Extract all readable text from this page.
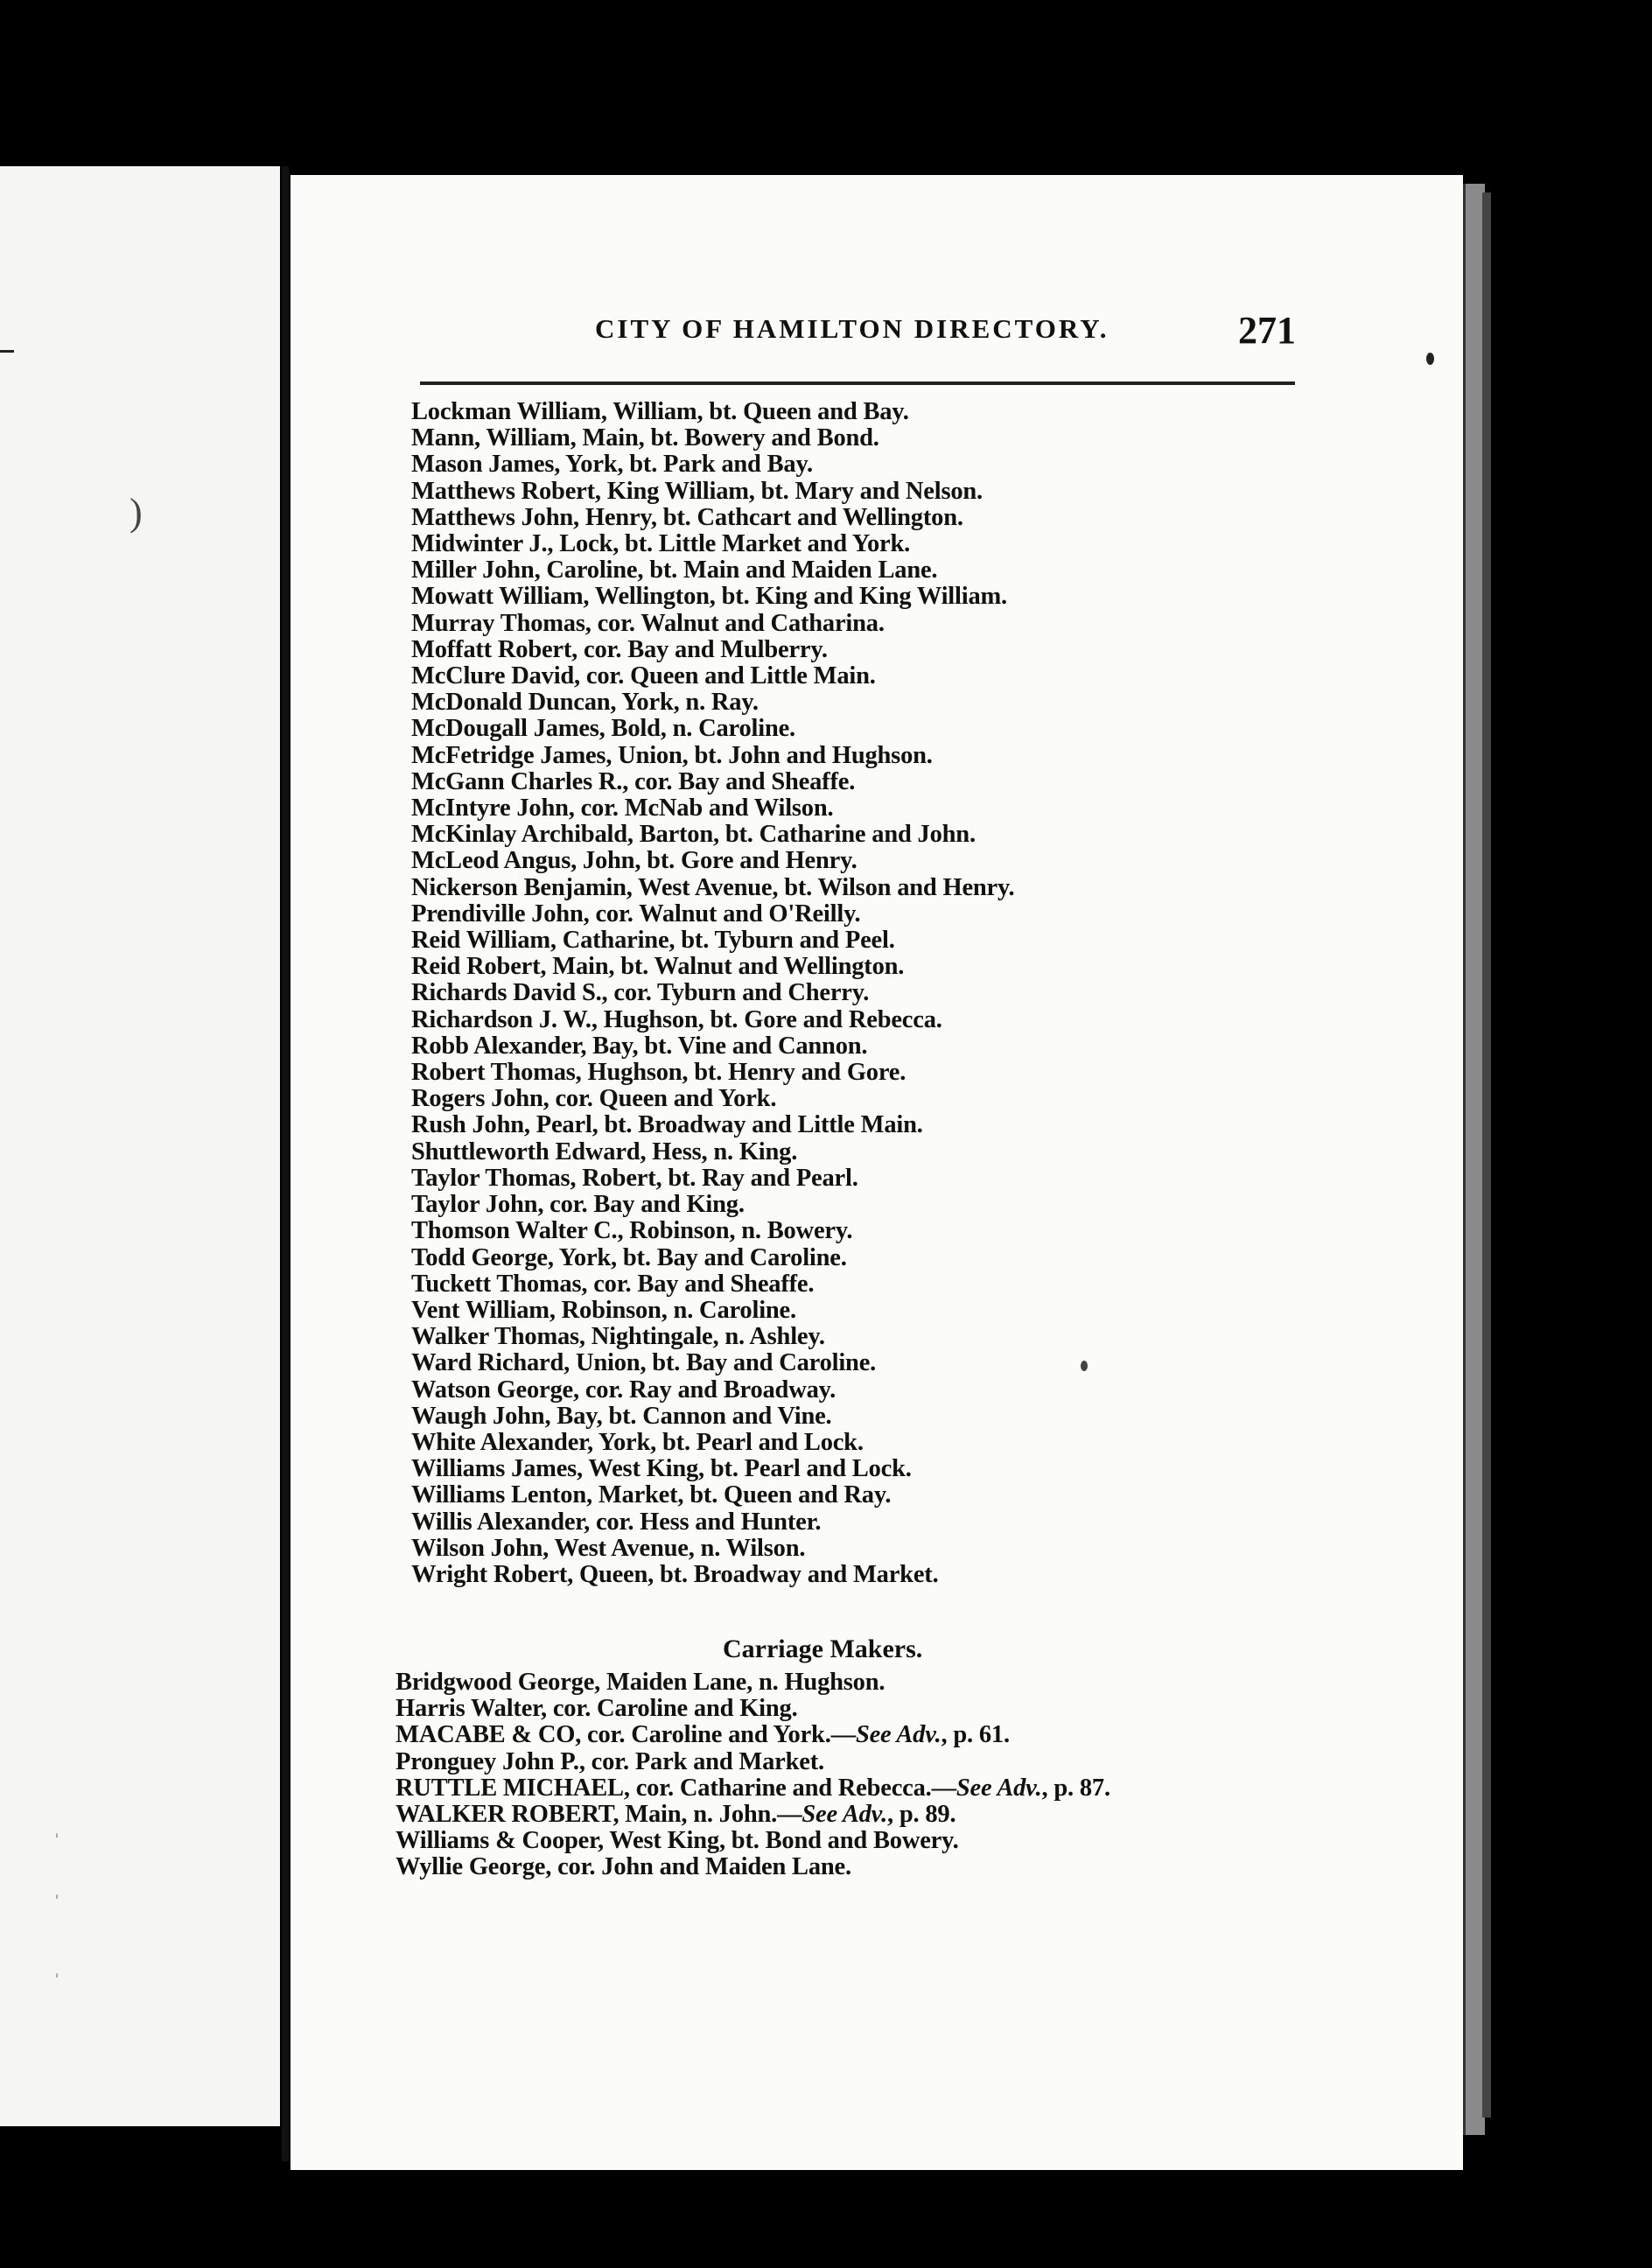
)
ˈ
ˈ
ˈ
CITY OF HAMILTON DIRECTORY.	271
Lockman William, William, bt. Queen and Bay.
Mann, William, Main, bt. Bowery and Bond.
Mason James, York, bt. Park and Bay.
Matthews Robert, King William, bt. Mary and Nelson.
Matthews John, Henry, bt. Cathcart and Wellington.
Midwinter J., Lock, bt. Little Market and York.
Miller John, Caroline, bt. Main and Maiden Lane.
Mowatt William, Wellington, bt. King and King William.
Murray Thomas, cor. Walnut and Catharina.
Moffatt Robert, cor. Bay and Mulberry.
McClure David, cor. Queen and Little Main.
McDonald Duncan, York, n. Ray.
McDougall James, Bold, n. Caroline.
McFetridge James, Union, bt. John and Hughson.
McGann Charles R., cor. Bay and Sheaffe.
McIntyre John, cor. McNab and Wilson.
McKinlay Archibald, Barton, bt. Catharine and John.
McLeod Angus, John, bt. Gore and Henry.
Nickerson Benjamin, West Avenue, bt. Wilson and Henry.
Prendiville John, cor. Walnut and O'Reilly.
Reid William, Catharine, bt. Tyburn and Peel.
Reid Robert, Main, bt. Walnut and Wellington.
Richards David S., cor. Tyburn and Cherry.
Richardson J. W., Hughson, bt. Gore and Rebecca.
Robb Alexander, Bay, bt. Vine and Cannon.
Robert Thomas, Hughson, bt. Henry and Gore.
Rogers John, cor. Queen and York.
Rush John, Pearl, bt. Broadway and Little Main.
Shuttleworth Edward, Hess, n. King.
Taylor Thomas, Robert, bt. Ray and Pearl.
Taylor John, cor. Bay and King.
Thomson Walter C., Robinson, n. Bowery.
Todd George, York, bt. Bay and Caroline.
Tuckett Thomas, cor. Bay and Sheaffe.
Vent William, Robinson, n. Caroline.
Walker Thomas, Nightingale, n. Ashley.
Ward Richard, Union, bt. Bay and Caroline.
Watson George, cor. Ray and Broadway.
Waugh John, Bay, bt. Cannon and Vine.
White Alexander, York, bt. Pearl and Lock.
Williams James, West King, bt. Pearl and Lock.
Williams Lenton, Market, bt. Queen and Ray.
Willis Alexander, cor. Hess and Hunter.
Wilson John, West Avenue, n. Wilson.
Wright Robert, Queen, bt. Broadway and Market.
Carriage Makers.
Bridgwood George, Maiden Lane, n. Hughson.
Harris Walter, cor. Caroline and King.
MACABE & CO, cor. Caroline and York.—See Adv., p. 61.
Pronguey John P., cor. Park and Market.
RUTTLE MICHAEL, cor. Catharine and Rebecca.—See Adv., p. 87.
WALKER ROBERT, Main, n. John.—See Adv., p. 89.
Williams & Cooper, West King, bt. Bond and Bowery.
Wyllie George, cor. John and Maiden Lane.
